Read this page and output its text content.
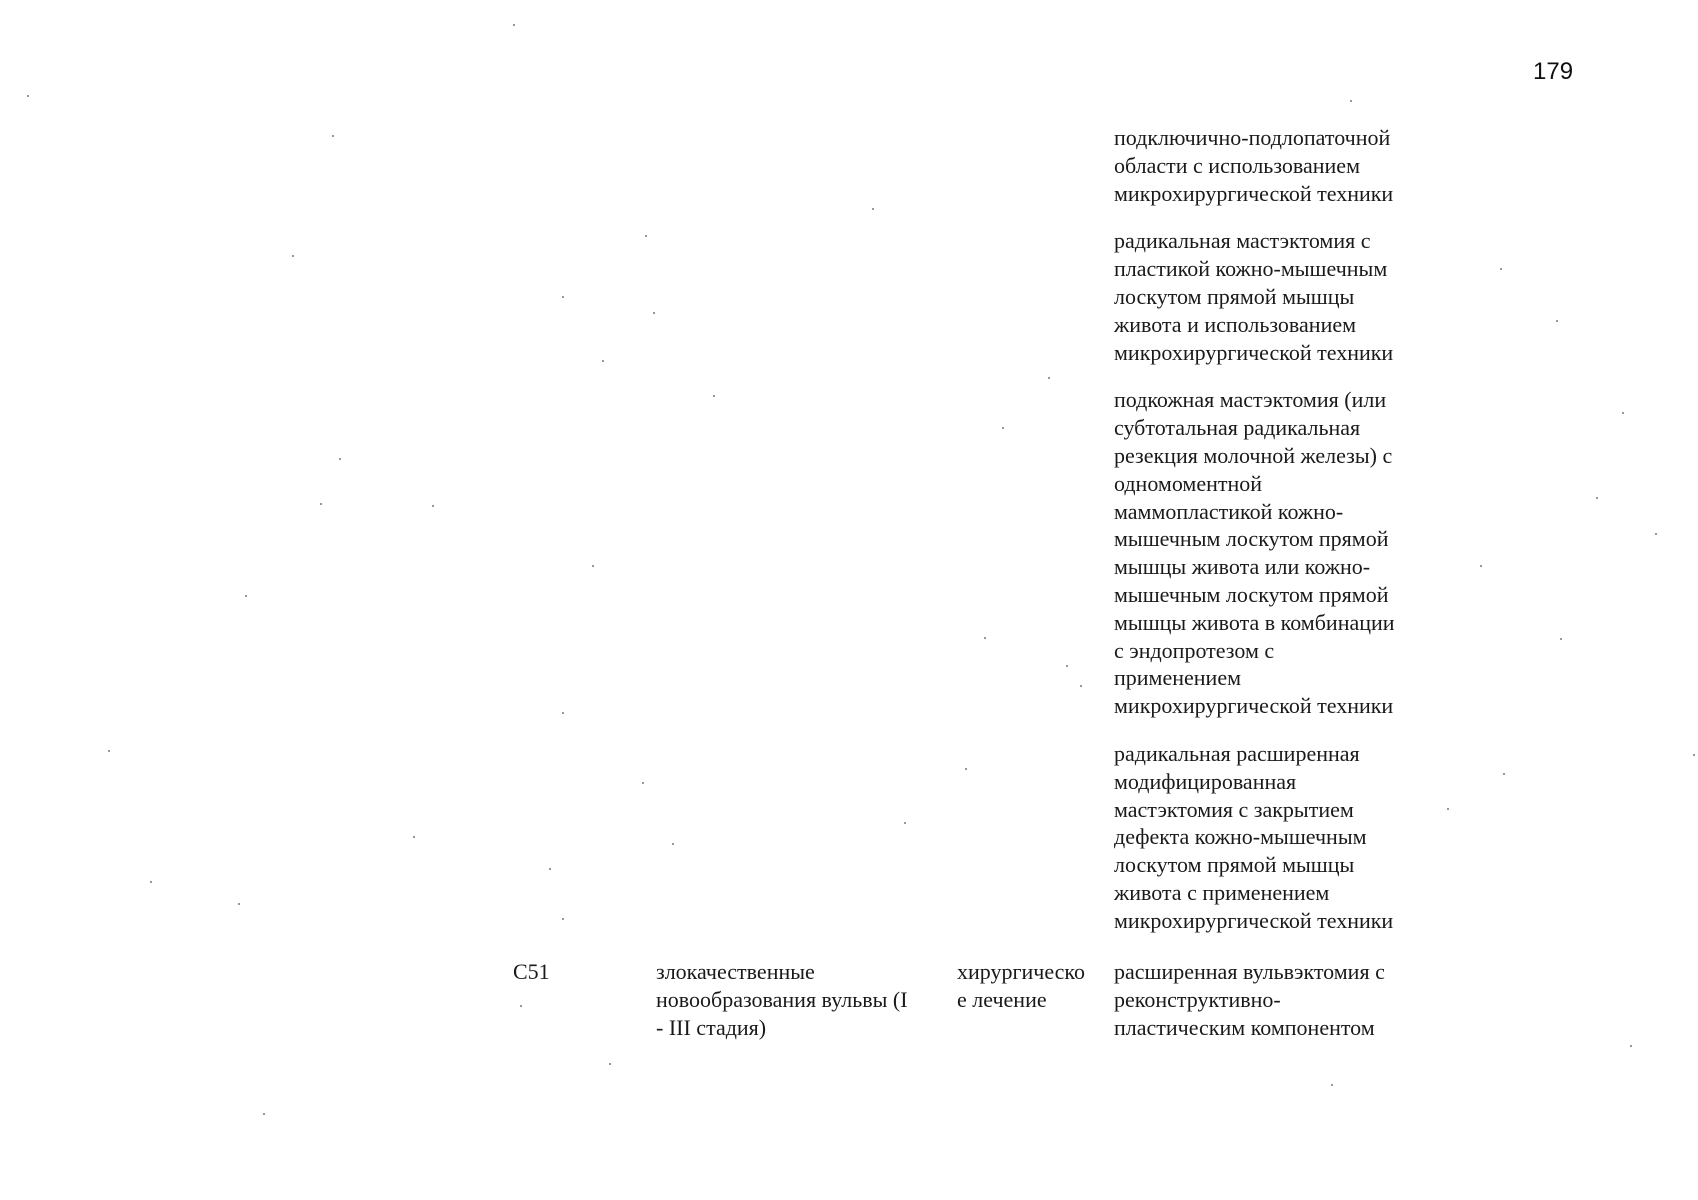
179

подключично-подлопаточной
области с использованием
микрохирургической техники

радикальная мастэктомия с
пластикой кожно-мышечным
лоскутом прямой мышцы
живота и использованием
микрохирургической техники

подкожная мастэктомия (или
субтотальная радикальная
резекция молочной железы) с
одномоментной
маммопластикой кожно-
мышечным лоскутом прямой
мышцы живота или кожно-
мышечным лоскутом прямой
мышцы живота в комбинации
с эндопротезом с
применением
микрохирургической техники

радикальная расширенная
модифицированная
мастэктомия с закрытием
дефекта кожно-мышечным
лоскутом прямой мышцы
живота с применением
микрохирургической техники

C51	злокачественные
новообразования вульвы (I
- III стадия)
хирургическо
е лечение
расширенная вульвэктомия с
реконструктивно-
пластическим компонентом
